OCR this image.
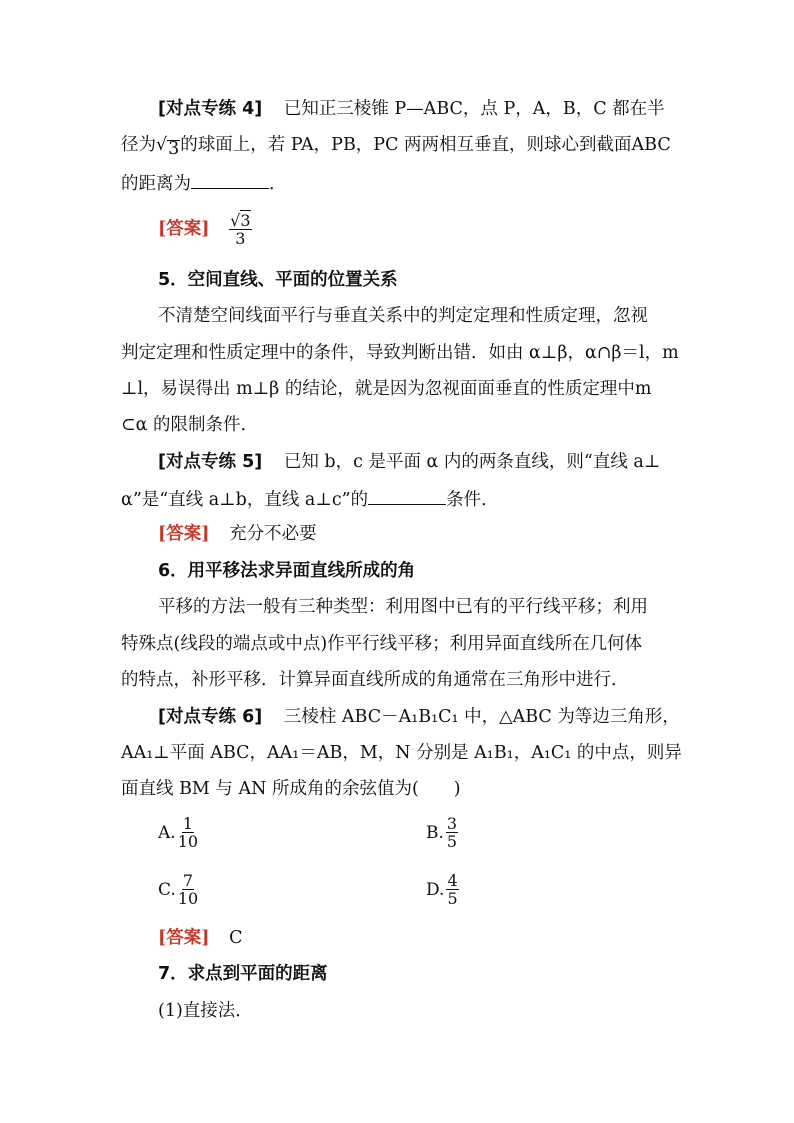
[对点专练 4] 已知正三棱锥 P—ABC，点 P，A，B，C 都在半
径为√ 3 的球面上，若 PA，PB，PC 两两相互垂直，则球心到截面ABC
的距离为	．
[答案] $\frac{√3}{3}$
5．空间直线、平面的位置关系
不清楚空间线面平行与垂直关系中的判定定理和性质定理，忽视
判定定理和性质定理中的条件，导致判断出错．如由 α⊥β，α∩β＝l，m
⊥l，易误得出 m⊥β 的结论，就是因为忽视面面垂直的性质定理中m
⊂α 的限制条件．
[对点专练 5] 已知 b，c 是平面 α 内的两条直线，则“直线 a⊥
α”是“直线 a⊥b，直线 a⊥c”的	条件．
[答案] 充分不必要
6．用平移法求异面直线所成的角
平移的方法一般有三种类型：利用图中已有的平行线平移；利用
特殊点(线段的端点或中点)作平行线平移；利用异面直线所在几何体
的特点，补形平移．计算异面直线所成的角通常在三角形中进行．
[对点专练 6] 三棱柱 ABC－A₁B₁C₁ 中，△ABC 为等边三角形，
AA₁⊥平面 ABC，AA₁＝AB，M，N 分别是 A₁B₁，A₁C₁ 的中点，则异
面直线 BM 与 AN 所成角的余弦值为(　　)
A. $\frac{1}{10}$	B. $\frac{3}{5}$
C. $\frac{7}{10}$	D. $\frac{4}{5}$
[答案] C
7．求点到平面的距离
(1)直接法．
